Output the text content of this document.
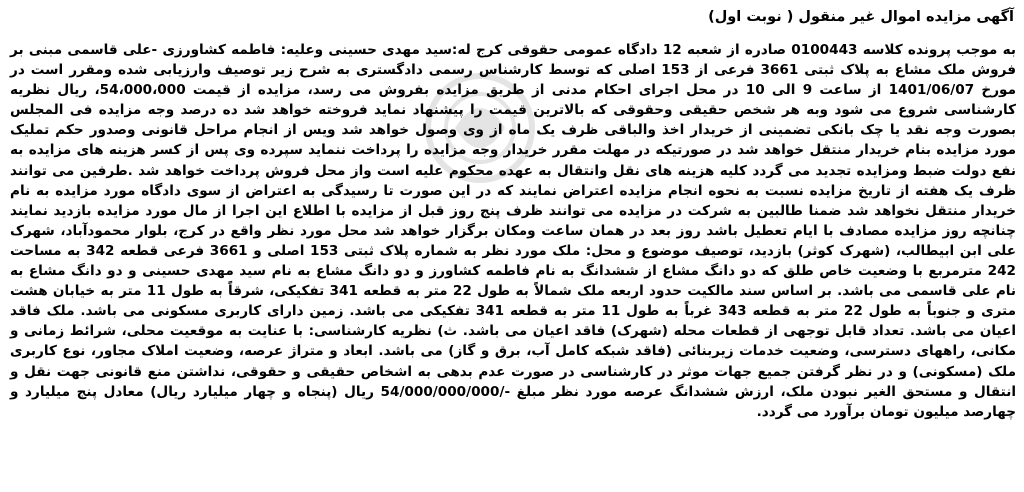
آگهی مزایده اموال غیر منقول ( نوبت اول)

به موجب پرونده کلاسه 0100443 صادره از شعبه 12 دادگاه عمومی حقوقی کرج له:سید مهدی حسینی وعلیه: فاطمه کشاورزی -علی قاسمی مبنی بر فروش ملک مشاع به پلاک ثبتی 3661 فرعی از 153 اصلی که توسط کارشناس رسمی دادگستری به شرح زیر توصیف وارزیابی شده ومقرر است در مورخ 1401/06/07 از ساعت 9 الی 10 در محل اجرای احکام مدنی از طریق مزایده بفروش می رسد، مزایده از قیمت 54،000،000، ریال نظریه کارشناسی شروع می شود وبه هر شخص حقیقی وحقوقی که بالاترین قیمت را پیشنهاد نماید فروخته خواهد شد ده درصد وجه مزایده فی المجلس بصورت وجه نقد یا چک بانکی تضمینی از خریدار اخذ والباقی ظرف یک ماه از وی وصول خواهد شد ویس از انجام مراحل قانونی وصدور حکم تملیک مورد مزایده بنام خریدار منتقل خواهد شد در صورتیکه در مهلت مقرر خریدار وجه مزایده را پرداخت ننماید سپرده وی پس از کسر هزینه های مزایده به نفع دولت ضبط ومزایده تجدید می گردد کلیه هزینه های نقل وانتقال به عهده محکوم علیه است واز محل فروش پرداخت خواهد شد .طرفین می توانند ظرف یک هفته از تاریخ مزایده نسبت به نحوه انجام مزایده اعتراض نمایند که در این صورت تا رسیدگی به اعتراض از سوی دادگاه مورد مزایده به نام خریدار منتقل نخواهد شد ضمنا طالبین به شرکت در مزایده می توانند ظرف پنج روز قبل از مزایده با اطلاع این اجرا از مال مورد مزایده بازدید نمایند چنانچه روز مزایده مصادف با ایام تعطیل باشد روز بعد در همان ساعت ومکان برگزار خواهد شد محل مورد نظر واقع در کرج، بلوار محمودآباد، شهرک علی ابن ابیطالب، (شهرک کوثر) بازدید، توصیف موضوع و محل: ملک مورد نظر به شماره پلاک ثبتی 153 اصلی و 3661 فرعی قطعه 342 به مساحت 242 مترمربع با وضعیت خاص طلق که دو دانگ مشاع از ششدانگ به نام فاطمه کشاورز و دو دانگ مشاع به نام سید مهدی حسینی و دو دانگ مشاع به نام علی قاسمی می باشد. بر اساس سند مالکیت حدود اربعه ملک شمالاً به طول 22 متر به قطعه 341 تفکیکی، شرقاً به طول 11 متر به خیابان هشت متری و جنوباً به طول 22 متر به قطعه 343 غرباً به طول 11 متر به قطعه 341 تفکیکی می باشد. زمین دارای کاربری مسکونی می باشد. ملک فاقد اعیان می باشد. تعداد قابل توجهی از قطعات محله (شهرک) فاقد اعیان می باشد. ث) نظریه کارشناسی: با عنایت به موقعیت محلی، شرائط زمانی و مکانی، راههای دسترسی، وضعیت خدمات زیربنائی (فاقد شبکه کامل آب، برق و گاز) می باشد. ابعاد و متراژ عرصه، وضعیت املاک مجاور، نوع کاربری ملک (مسکونی) و در نظر گرفتن جمیع جهات موثر در کارشناسی در صورت عدم بدهی به اشخاص حقیقی و حقوقی، نداشتن منع قانونی جهت نقل و انتقال و مستحق الغیر نبودن ملک، ارزش ششدانگ عرصه مورد نظر مبلغ -/54/000/000/000 ریال (پنجاه و چهار میلیارد ریال) معادل پنج میلیارد و چهارصد میلیون تومان برآورد می گردد.
